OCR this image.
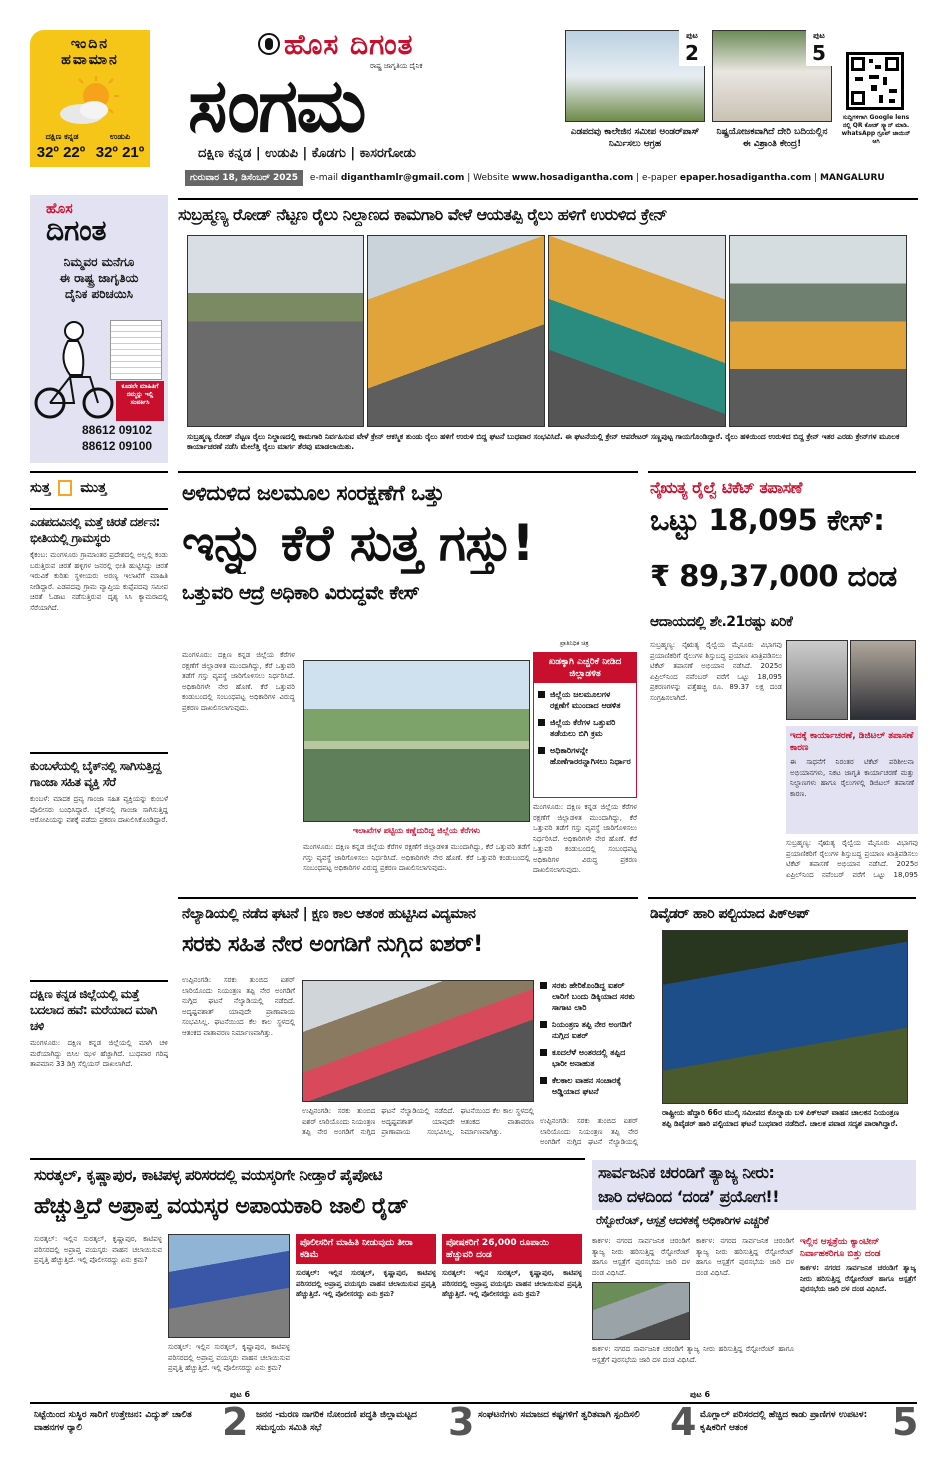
ಇಂದಿನ
ಹವಾಮಾನ
ದಕ್ಷಿಣ ಕನ್ನಡ	ಉಡುಪಿ
32º 22º 32º 21º
ಹೊಸ ದಿಗಂತ
ರಾಷ್ಟ್ರ ಜಾಗೃತಿಯ ದೈನಿಕ
ಸಂಗಮ
ದಕ್ಷಿಣ ಕನ್ನಡ | ಉಡುಪಿ | ಕೊಡಗು | ಕಾಸರಗೋಡು
ಪುಟ
2
ಎಡಪದವು ಕಾಲೇಜಿನ ಸಮೀಪ ಅಂಡರ್‌ಪಾಸ್ ನಿರ್ಮಿಸಲು ಆಗ್ರಹ
ಪುಟ
5
ನಿಷ್ಪ್ರಯೋಜಕವಾಗಿದೆ ದೇರಿ ಬದಿಯಲ್ಲಿನ ಈ ವಿಶ್ರಾಂತಿ ಕೇಂದ್ರ!
ಸುದ್ದಿಗಳಿಗಾಗಿ Google lens ನಲ್ಲಿ QR ಕೋಡ್ ಸ್ಕ್ಯಾನ್ ಮಾಡಿ. whatsApp ಗ್ರೂಪ್ ಜಾಯಿನ್ ಆಗಿ
ಗುರುವಾರ 18, ಡಿಸೆಂಬರ್ 2025 e-mail diganthamlr@gmail.com | Website www.hosadigantha.com | e-paper epaper.hosadigantha.com | MANGALURU
ಹೊಸ
ದಿಗಂತ
ನಿಮ್ಮವರ ಮನೆಗೂ
ಈ ರಾಷ್ಟ್ರ ಜಾಗೃತಿಯ
ದೈನಿಕ ಪರಿಚಯಿಸಿ
ಕೂಡಲೇ ಮಾಹಿತಿಗೆ ನಮ್ಮನ್ನು ಇಲ್ಲಿ ಸಂಪರ್ಕಿಸಿ
88612 09102
88612 09100
ಸುಬ್ರಹ್ಮಣ್ಯ ರೋಡ್ ನೆಟ್ಟಣ ರೈಲು ನಿಲ್ದಾಣದ ಕಾಮಗಾರಿ ವೇಳೆ ಆಯತಪ್ಪಿ ರೈಲು ಹಳಿಗೆ ಉರುಳಿದ ಕ್ರೇನ್
ಸುಬ್ರಹ್ಮಣ್ಯ ರೋಡ್ ನೆಟ್ಟಣ ರೈಲು ನಿಲ್ದಾಣದಲ್ಲಿ ಕಾಮಗಾರಿ ನಿರ್ವಹಿಸುವ ವೇಳೆ ಕ್ರೇನ್ ಆಕಸ್ಮಿಕ ತುಂಡು ರೈಲು ಹಳಿಗೆ ಉರುಳಿ ಬಿದ್ದ ಘಟನೆ ಬುಧವಾರ ಸಂಭವಿಸಿದೆ. ಈ ಘಟನೆಯಲ್ಲಿ ಕ್ರೇನ್ ಆಪರೇಟರ್ ಸಣ್ಣಪುಟ್ಟ ಗಾಯಗೊಂಡಿದ್ದಾರೆ. ರೈಲು ಹಳಿಯಿಂದ ಉರುಳಿದ ಬಿದ್ದ ಕ್ರೇನ್ ಇತರ ಎರಡು ಕ್ರೇನ್‌ಗಳ ಮೂಲಕ ಕಾರ್ಯಾಚರಣೆ ನಡೆಸಿ ಮೇಲೆತ್ತಿ ರೈಲು ಮಾರ್ಗ ತೆರವು ಮಾಡಲಾಯಿತು.
ಸುತ್ತ ಮುತ್ತ
ಎಡಪದವಿನಲ್ಲಿ ಮತ್ತೆ ಚಿರತೆ ದರ್ಶನ: ಭೀತಿಯಲ್ಲಿ ಗ್ರಾಮಸ್ಥರು
ಕೈಕಂಬ: ಮಂಗಳೂರು ಗ್ರಾಮಾಂತರ ಪ್ರದೇಶದಲ್ಲಿ ಅಲ್ಲಲ್ಲಿ ಕಂಡು ಬರುತ್ತಿರುವ ಚಿರತೆ ಹಳ್ಳಿಗಳ ಜನರಲ್ಲಿ ಭೀತಿ ಹುಟ್ಟಿಸಿದ್ದು ಚಿರತೆ ಇರುವಿಕೆ ಕುರಿತು ಸ್ಥಳೀಯರು ಅರಣ್ಯ ಇಲಾಖೆಗೆ ಮಾಹಿತಿ ನೀಡಿದ್ದಾರೆ. ಎಡಪದವು ಗ್ರಾಮ ವ್ಯಾಪ್ತಿಯ ಕುಪ್ಪೆಪದವು ಸಮೀಪ ಚಿರತೆ ಓಡಾಟ ನಡೆಸುತ್ತಿರುವ ದೃಶ್ಯ ಸಿಸಿ ಕ್ಯಾಮರಾದಲ್ಲಿ ಸೆರೆಯಾಗಿದೆ.
ಕುಂಬಳೆಯಲ್ಲಿ ಬೈಕ್‌ನಲ್ಲಿ ಸಾಗಿಸುತ್ತಿದ್ದ ಗಾಂಜಾ ಸಹಿತ ವ್ಯಕ್ತಿ ಸೆರೆ
ಕುಂಬಳೆ: ಮಾದಕ ದ್ರವ್ಯ ಗಾಂಜಾ ಸಹಿತ ವ್ಯಕ್ತಿಯನ್ನು ಕುಂಬಳೆ ಪೊಲೀಸರು ಬಂಧಿಸಿದ್ದಾರೆ. ಬೈಕ್‌ನಲ್ಲಿ ಗಾಂಜಾ ಸಾಗಿಸುತ್ತಿದ್ದ ಆರೋಪಿಯನ್ನು ವಶಕ್ಕೆ ಪಡೆದು ಪ್ರಕರಣ ದಾಖಲಿಸಿಕೊಂಡಿದ್ದಾರೆ.
ದಕ್ಷಿಣ ಕನ್ನಡ ಜಿಲ್ಲೆಯಲ್ಲಿ ಮತ್ತೆ ಬದಲಾದ ಹವೆ: ಮರೆಯಾದ ಮಾಗಿ ಚಳಿ
ಮಂಗಳೂರು: ದಕ್ಷಿಣ ಕನ್ನಡ ಜಿಲ್ಲೆಯಲ್ಲಿ ಮಾಗಿ ಚಳಿ ಮರೆಯಾಗಿದ್ದು ಬಿಸಿಲ ಝಳ ಹೆಚ್ಚಾಗಿದೆ. ಬುಧವಾರ ಗರಿಷ್ಠ ತಾಪಮಾನ 33 ಡಿಗ್ರಿ ಸೆಲ್ಸಿಯಸ್ ದಾಖಲಾಗಿದೆ.
ಅಳಿದುಳಿದ ಜಲಮೂಲ ಸಂರಕ್ಷಣೆಗೆ ಒತ್ತು
ಇನ್ನು ಕೆರೆ ಸುತ್ತ ಗಸ್ತು!
ಒತ್ತುವರಿ ಆದ್ರೆ ಅಧಿಕಾರಿ ವಿರುದ್ಧವೇ ಕೇಸ್
ಪ್ರಾತಿನಿಧಿಕ ಚಿತ್ರ
ಮಂಗಳೂರು: ದಕ್ಷಿಣ ಕನ್ನಡ ಜಿಲ್ಲೆಯ ಕೆರೆಗಳ ರಕ್ಷಣೆಗೆ ಜಿಲ್ಲಾಡಳಿತ ಮುಂದಾಗಿದ್ದು, ಕೆರೆ ಒತ್ತುವರಿ ತಡೆಗೆ ಗಸ್ತು ವ್ಯವಸ್ಥೆ ಜಾರಿಗೊಳಿಸಲು ನಿರ್ಧರಿಸಿದೆ. ಅಧಿಕಾರಿಗಳೇ ನೇರ ಹೊಣೆ. ಕೆರೆ ಒತ್ತುವರಿ ಕಂಡುಬಂದಲ್ಲಿ ಸಂಬಂಧಪಟ್ಟ ಅಧಿಕಾರಿಗಳ ವಿರುದ್ಧ ಪ್ರಕರಣ ದಾಖಲಿಸಲಾಗುವುದು.
ಇಲಾಖೆಗಳ ಪಟ್ಟಿಯ ಕಣ್ಣೆದುರಿದ್ದ ಜಿಲ್ಲೆಯ ಕೆರೆಗಳು
ಮಂಗಳೂರು: ದಕ್ಷಿಣ ಕನ್ನಡ ಜಿಲ್ಲೆಯ ಕೆರೆಗಳ ರಕ್ಷಣೆಗೆ ಜಿಲ್ಲಾಡಳಿತ ಮುಂದಾಗಿದ್ದು, ಕೆರೆ ಒತ್ತುವರಿ ತಡೆಗೆ ಗಸ್ತು ವ್ಯವಸ್ಥೆ ಜಾರಿಗೊಳಿಸಲು ನಿರ್ಧರಿಸಿದೆ. ಅಧಿಕಾರಿಗಳೇ ನೇರ ಹೊಣೆ. ಕೆರೆ ಒತ್ತುವರಿ ಕಂಡುಬಂದಲ್ಲಿ ಸಂಬಂಧಪಟ್ಟ ಅಧಿಕಾರಿಗಳ ವಿರುದ್ಧ ಪ್ರಕರಣ ದಾಖಲಿಸಲಾಗುವುದು.
ಖಡಕ್ಕಾಗಿ ಎಚ್ಚರಿಕೆ ನೀಡಿದ ಜಿಲ್ಲಾಡಳಿತ
ಜಿಲ್ಲೆಯ ಜಲಮೂಲಗಳ ರಕ್ಷಣೆಗೆ ಮುಂದಾದ ಆಡಳಿತ
ಜಿಲ್ಲೆಯ ಕೆರೆಗಳ ಒತ್ತುವರಿ ತಡೆಯಲು ಬಿಗಿ ಕ್ರಮ
ಅಧಿಕಾರಿಗಳನ್ನೇ ಹೊಣೆಗಾರರನ್ನಾಗಿಸಲು ನಿರ್ಧಾರ
ಮಂಗಳೂರು: ದಕ್ಷಿಣ ಕನ್ನಡ ಜಿಲ್ಲೆಯ ಕೆರೆಗಳ ರಕ್ಷಣೆಗೆ ಜಿಲ್ಲಾಡಳಿತ ಮುಂದಾಗಿದ್ದು, ಕೆರೆ ಒತ್ತುವರಿ ತಡೆಗೆ ಗಸ್ತು ವ್ಯವಸ್ಥೆ ಜಾರಿಗೊಳಿಸಲು ನಿರ್ಧರಿಸಿದೆ. ಅಧಿಕಾರಿಗಳೇ ನೇರ ಹೊಣೆ. ಕೆರೆ ಒತ್ತುವರಿ ಕಂಡುಬಂದಲ್ಲಿ ಸಂಬಂಧಪಟ್ಟ ಅಧಿಕಾರಿಗಳ ವಿರುದ್ಧ ಪ್ರಕರಣ ದಾಖಲಿಸಲಾಗುವುದು.
ನೈಋತ್ಯ ರೈಲ್ವೆ ಟಿಕೆಟ್ ತಪಾಸಣೆ
ಒಟ್ಟು 18,095 ಕೇಸ್:
₹ 89,37,000 ದಂಡ
ಆದಾಯದಲ್ಲಿ ಶೇ.21ರಷ್ಟು ಏರಿಕೆ
ಸುಬ್ರಹ್ಮಣ್ಯ: ನೈಋತ್ಯ ರೈಲ್ವೆಯ ಮೈಸೂರು ವಿಭಾಗವು ಪ್ರಯಾಣಿಕರಿಗೆ ರೈಲುಗಳ ಶಿಸ್ತುಬದ್ಧ ಪ್ರಯಾಣ ಖಾತ್ರಿಪಡಿಸಲು ಟಿಕೆಟ್ ತಪಾಸಣೆ ಅಭಿಯಾನ ನಡೆಸಿದೆ. 2025ರ ಏಪ್ರಿಲ್‌ನಿಂದ ನವೆಂಬರ್ ವರೆಗೆ ಒಟ್ಟು 18,095 ಪ್ರಕರಣಗಳನ್ನು ಪತ್ತೆಹಚ್ಚಿ ರೂ. 89.37 ಲಕ್ಷ ದಂಡ ಸಂಗ್ರಹಿಸಲಾಗಿದೆ.
ಇದಕ್ಕೆ ಕಾರ್ಯಾಚರಣೆ, ಡಿಜಿಟಲ್ ತಪಾಸಣೆ ಕಾರಣ
ಈ ಸಾಧನೆಗೆ ನಿರಂತರ ಟಿಕೆಟ್ ಪರಿಶೀಲನಾ ಅಭಿಯಾನಗಳು, ನಿಕಟ ಜಾಗೃತಿ ಕಾರ್ಯಾಚರಣೆ ಮತ್ತು ನಿಲ್ದಾಣಗಳು ಹಾಗೂ ರೈಲುಗಳಲ್ಲಿ ಡಿಜಿಟಲ್ ತಪಾಸಣೆ ಕಾರಣ.
ಸುಬ್ರಹ್ಮಣ್ಯ: ನೈಋತ್ಯ ರೈಲ್ವೆಯ ಮೈಸೂರು ವಿಭಾಗವು ಪ್ರಯಾಣಿಕರಿಗೆ ರೈಲುಗಳ ಶಿಸ್ತುಬದ್ಧ ಪ್ರಯಾಣ ಖಾತ್ರಿಪಡಿಸಲು ಟಿಕೆಟ್ ತಪಾಸಣೆ ಅಭಿಯಾನ ನಡೆಸಿದೆ. 2025ರ ಏಪ್ರಿಲ್‌ನಿಂದ ನವೆಂಬರ್ ವರೆಗೆ ಒಟ್ಟು 18,095
ನೆಲ್ಯಾಡಿಯಲ್ಲಿ ನಡೆದ ಘಟನೆ | ಕ್ಷಣ ಕಾಲ ಆತಂಕ ಹುಟ್ಟಿಸಿದ ವಿದ್ಯಮಾನ
ಸರಕು ಸಹಿತ ನೇರ ಅಂಗಡಿಗೆ ನುಗ್ಗಿದ ಐಶರ್!
ಉಪ್ಪಿನಂಗಡಿ: ಸರಕು ತುಂಬಿದ ಐಶರ್ ಲಾರಿಯೊಂದು ನಿಯಂತ್ರಣ ತಪ್ಪಿ ನೇರ ಅಂಗಡಿಗೆ ನುಗ್ಗಿದ ಘಟನೆ ನೆಲ್ಯಾಡಿಯಲ್ಲಿ ನಡೆದಿದೆ. ಅದೃಷ್ಟವಶಾತ್ ಯಾವುದೇ ಪ್ರಾಣಾಪಾಯ ಸಂಭವಿಸಿಲ್ಲ. ಘಟನೆಯಿಂದ ಕೆಲ ಕಾಲ ಸ್ಥಳದಲ್ಲಿ ಆತಂಕದ ವಾತಾವರಣ ನಿರ್ಮಾಣವಾಗಿತ್ತು.
ಉಪ್ಪಿನಂಗಡಿ: ಸರಕು ತುಂಬಿದ ಐಶರ್ ಲಾರಿಯೊಂದು ನಿಯಂತ್ರಣ ತಪ್ಪಿ ನೇರ ಅಂಗಡಿಗೆ ನುಗ್ಗಿದ ಘಟನೆ ನೆಲ್ಯಾಡಿಯಲ್ಲಿ ನಡೆದಿದೆ. ಅದೃಷ್ಟವಶಾತ್ ಯಾವುದೇ ಪ್ರಾಣಾಪಾಯ ಸಂಭವಿಸಿಲ್ಲ. ಘಟನೆಯಿಂದ ಕೆಲ ಕಾಲ ಸ್ಥಳದಲ್ಲಿ ಆತಂಕದ ವಾತಾವರಣ ನಿರ್ಮಾಣವಾಗಿತ್ತು.
ಸರಕು ಹೇರಿಕೊಂಡಿದ್ದ ಐಶರ್ ಲಾರಿಗೆ ಬಂದು ಡಿಕ್ಕಿಯಾದ ಸರಕು ಸಾಗಾಟ ಲಾರಿ
ನಿಯಂತ್ರಣ ತಪ್ಪಿ ನೇರ ಅಂಗಡಿಗೆ ನುಗ್ಗಿದ ಐಶರ್
ಕೂದಲೆಳೆ ಅಂತರದಲ್ಲಿ ತಪ್ಪಿದ ಭಾರೀ ಅನಾಹುತ
ಕೆಲಕಾಲ ವಾಹನ ಸಂಚಾರಕ್ಕೆ ಅಡ್ಡಿಯಾದ ಘಟನೆ
ಉಪ್ಪಿನಂಗಡಿ: ಸರಕು ತುಂಬಿದ ಐಶರ್ ಲಾರಿಯೊಂದು ನಿಯಂತ್ರಣ ತಪ್ಪಿ ನೇರ ಅಂಗಡಿಗೆ ನುಗ್ಗಿದ ಘಟನೆ ನೆಲ್ಯಾಡಿಯಲ್ಲಿ
ಡಿವೈಡರ್ ಹಾರಿ ಪಲ್ಟಿಯಾದ ಪಿಕ್‌ಅಪ್
ರಾಷ್ಟ್ರೀಯ ಹೆದ್ದಾರಿ 66ರ ಮುಲ್ಕಿ ಸಮೀಪದ ಕೊಲ್ನಾಡು ಬಳಿ ಪಿಕ್‌ಅಪ್ ವಾಹನ ಚಾಲಕನ ನಿಯಂತ್ರಣ ತಪ್ಪಿ ಡಿವೈಡರ್ ಹಾರಿ ಪಲ್ಟಿಯಾದ ಘಟನೆ ಬುಧವಾರ ನಡೆದಿದೆ. ಚಾಲಕ ಪವಾಡ ಸದೃಶ ಪಾರಾಗಿದ್ದಾರೆ.
ಸುರತ್ಕಲ್, ಕೃಷ್ಣಾಪುರ, ಕಾಟಿಪಳ್ಳ ಪರಿಸರದಲ್ಲಿ ವಯಸ್ಕರಿಗೇ ನೀಡ್ತಾರೆ ಪೈಪೋಟಿ
ಹೆಚ್ಚುತ್ತಿದೆ ಅಪ್ರಾಪ್ತ ವಯಸ್ಕರ ಅಪಾಯಕಾರಿ ಜಾಲಿ ರೈಡ್
ಸುರತ್ಕಲ್: ಇಲ್ಲಿನ ಸುರತ್ಕಲ್, ಕೃಷ್ಣಾಪುರ, ಕಾಟಿಪಳ್ಳ ಪರಿಸರದಲ್ಲಿ ಅಪ್ರಾಪ್ತ ವಯಸ್ಕರು ವಾಹನ ಚಲಾಯಿಸುವ ಪ್ರವೃತ್ತಿ ಹೆಚ್ಚುತ್ತಿದೆ. ಇಲ್ಲಿ ಪೊಲೀಸರದ್ದು ಏನು ಕ್ರಮ?
ಸುರತ್ಕಲ್: ಇಲ್ಲಿನ ಸುರತ್ಕಲ್, ಕೃಷ್ಣಾಪುರ, ಕಾಟಿಪಳ್ಳ ಪರಿಸರದಲ್ಲಿ ಅಪ್ರಾಪ್ತ ವಯಸ್ಕರು ವಾಹನ ಚಲಾಯಿಸುವ ಪ್ರವೃತ್ತಿ ಹೆಚ್ಚುತ್ತಿದೆ. ಇಲ್ಲಿ ಪೊಲೀಸರದ್ದು ಏನು ಕ್ರಮ?
ಪೊಲೀಸರಿಗೆ ಮಾಹಿತಿ ನೀಡುವುದು ತೀರಾ ಕಡಿಮೆ
ಸುರತ್ಕಲ್: ಇಲ್ಲಿನ ಸುರತ್ಕಲ್, ಕೃಷ್ಣಾಪುರ, ಕಾಟಿಪಳ್ಳ ಪರಿಸರದಲ್ಲಿ ಅಪ್ರಾಪ್ತ ವಯಸ್ಕರು ವಾಹನ ಚಲಾಯಿಸುವ ಪ್ರವೃತ್ತಿ ಹೆಚ್ಚುತ್ತಿದೆ. ಇಲ್ಲಿ ಪೊಲೀಸರದ್ದು ಏನು ಕ್ರಮ?
ಪೋಷಕರಿಗೆ 26,000 ರೂಪಾಯಿ ಹೆಚ್ಚುವರಿ ದಂಡ
ಸುರತ್ಕಲ್: ಇಲ್ಲಿನ ಸುರತ್ಕಲ್, ಕೃಷ್ಣಾಪುರ, ಕಾಟಿಪಳ್ಳ ಪರಿಸರದಲ್ಲಿ ಅಪ್ರಾಪ್ತ ವಯಸ್ಕರು ವಾಹನ ಚಲಾಯಿಸುವ ಪ್ರವೃತ್ತಿ ಹೆಚ್ಚುತ್ತಿದೆ. ಇಲ್ಲಿ ಪೊಲೀಸರದ್ದು ಏನು ಕ್ರಮ?
ಪುಟ 6
ಸಾರ್ವಜನಿಕ ಚರಂಡಿಗೆ ತ್ಯಾಜ್ಯ ನೀರು:
ಜಾರಿ ದಳದಿಂದ ‘ದಂಡ’ ಪ್ರಯೋಗ!!
ರೆಸ್ಟೋರೆಂಟ್, ಆಸ್ಪತ್ರೆ ಆದಳಿತಕ್ಕೆ ಅಧಿಕಾರಿಗಳ ಎಚ್ಚರಿಕೆ
ಕಾರ್ಕಳ: ನಗರದ ಸಾರ್ವಜನಿಕ ಚರಂಡಿಗೆ ತ್ಯಾಜ್ಯ ನೀರು ಹರಿಸುತ್ತಿದ್ದ ರೆಸ್ಟೋರೆಂಟ್ ಹಾಗೂ ಆಸ್ಪತ್ರೆಗೆ ಪುರಸಭೆಯ ಜಾರಿ ದಳ ದಂಡ ವಿಧಿಸಿದೆ.
ಕಾರ್ಕಳ: ನಗರದ ಸಾರ್ವಜನಿಕ ಚರಂಡಿಗೆ ತ್ಯಾಜ್ಯ ನೀರು ಹರಿಸುತ್ತಿದ್ದ ರೆಸ್ಟೋರೆಂಟ್ ಹಾಗೂ ಆಸ್ಪತ್ರೆಗೆ ಪುರಸಭೆಯ ಜಾರಿ ದಳ ದಂಡ ವಿಧಿಸಿದೆ.
ಇಲ್ಲಿನ ಆಸ್ಪತ್ರೆಯ ಕ್ಯಾಂಟೀನ್ ನಿರ್ವಾಹಕರಿಗೂ ಬಿತ್ತು ದಂಡ
ಕಾರ್ಕಳ: ನಗರದ ಸಾರ್ವಜನಿಕ ಚರಂಡಿಗೆ ತ್ಯಾಜ್ಯ ನೀರು ಹರಿಸುತ್ತಿದ್ದ ರೆಸ್ಟೋರೆಂಟ್ ಹಾಗೂ ಆಸ್ಪತ್ರೆಗೆ ಪುರಸಭೆಯ ಜಾರಿ ದಳ ದಂಡ ವಿಧಿಸಿದೆ.
ಕಾರ್ಕಳ: ನಗರದ ಸಾರ್ವಜನಿಕ ಚರಂಡಿಗೆ ತ್ಯಾಜ್ಯ ನೀರು ಹರಿಸುತ್ತಿದ್ದ ರೆಸ್ಟೋರೆಂಟ್ ಹಾಗೂ ಆಸ್ಪತ್ರೆಗೆ ಪುರಸಭೆಯ ಜಾರಿ ದಳ ದಂಡ ವಿಧಿಸಿದೆ.
ಪುಟ 6
ನಿಟ್ಟೆಯಿಂದ ಸುಸ್ಥಿರ ಸಾರಿಗೆ ಉತ್ತೇಜನ: ವಿದ್ಯುತ್ ಚಾಲಿತ ವಾಹನಗಳ ರ್‍ಯಾಲಿ	2 ಜನನ -ಮರಣ ನಾಗರಿಕ ನೋಂದಣಿ ಪದ್ಧತಿ ಜಿಲ್ಲಾಮಟ್ಟದ ಸಮನ್ವಯ ಸಮಿತಿ ಸಭೆ	3 ಸಂಘಟನೆಗಳು ಸಮಾಜದ ಕಷ್ಟಗಳಿಗೆ ತ್ವರಿತವಾಗಿ ಸ್ಪಂದಿಸಲಿ 4 ಮೊಗ್ಲಾಲ್ ಪರಿಸರದಲ್ಲಿ ಹೆಚ್ಚಿದ ಕಾಡು ಪ್ರಾಣಿಗಳ ಉಪಟಳ: ಕೃಷಿಕರಿಗೆ ಆತಂಕ	5
